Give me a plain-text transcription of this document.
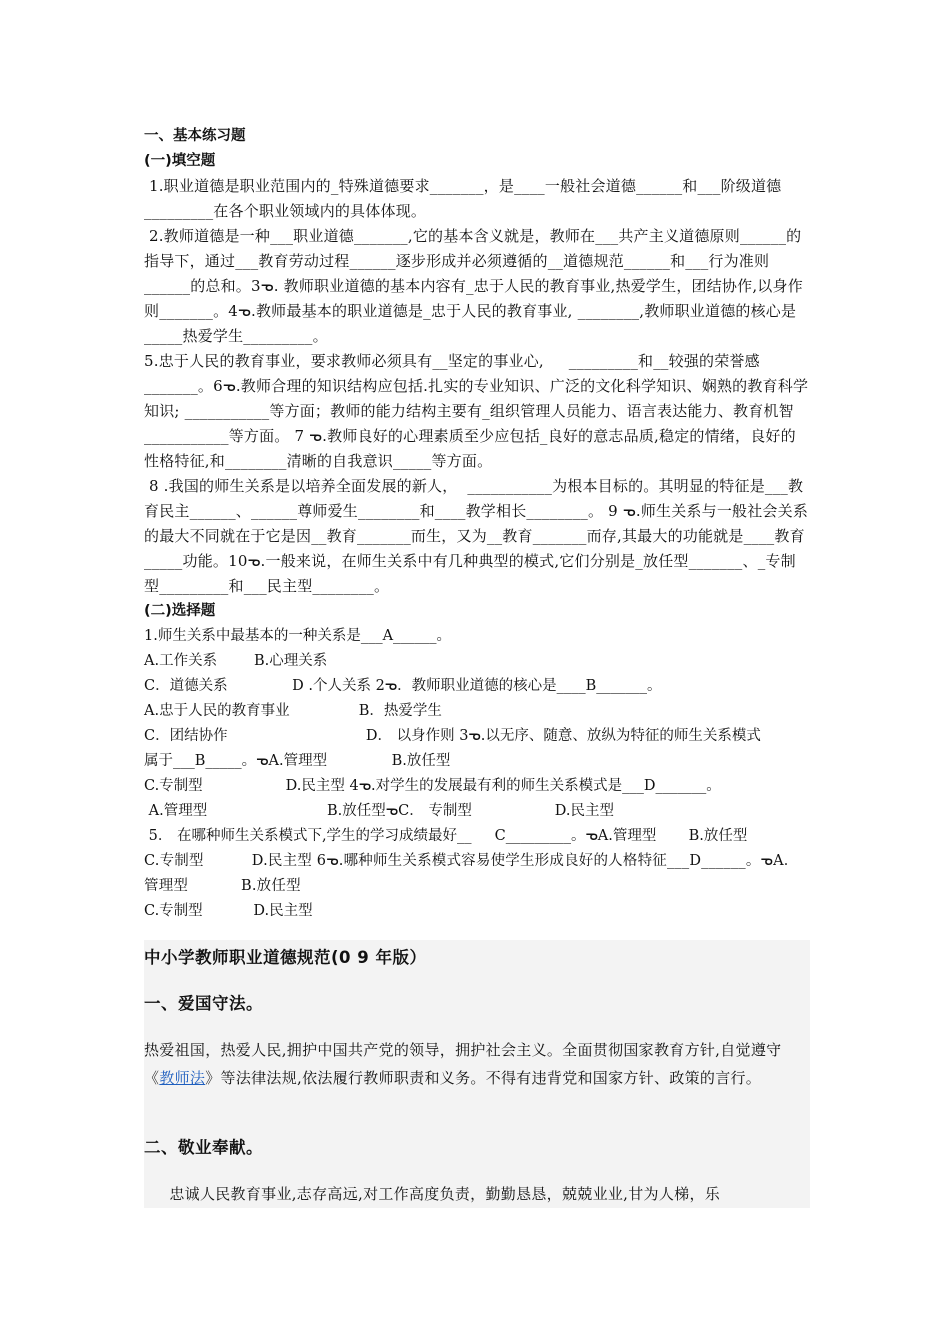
一、基本练习题
(一)填空题

1.职业道德是职业范围内的_特殊道德要求_______，是____一般社会道德______和___阶级道德_________在各个职业领域内的具体体现。
2.教师道德是一种___职业道德_______,它的基本含义就是，教师在___共产主义道德原则______的指导下，通过___教育劳动过程______逐步形成并必须遵循的__道德规范______和___行为准则______的总和。3ᓀ. 教师职业道德的基本内容有_忠于人民的教育事业,热爱学生，团结协作,以身作则_______。4ᓀ.教师最基本的职业道德是_忠于人民的教育事业, ________,教师职业道德的核心是_____热爱学生_________。
5.忠于人民的教育事业，要求教师必须具有__坚定的事业心,     _________和__较强的荣誉感_______。6ᓀ.教师合理的知识结构应包括.扎实的专业知识、广泛的文化科学知识、娴熟的教育科学知识; ___________等方面；教师的能力结构主要有_组织管理人员能力、语言表达能力、教育机智___________等方面。 7 ᓀ.教师良好的心理素质至少应包括_良好的意志品质,稳定的情绪，良好的性格特征,和________清晰的自我意识_____等方面。
8 .我国的师生关系是以培养全面发展的新人，  ___________为根本目标的。其明显的特征是___教育民主______、______尊师爱生________和____教学相长________。 9 ᓀ.师生关系与一般社会关系的最大不同就在于它是因__教育_______而生，又为__教育_______而存,其最大的功能就是____教育_____功能。10ᓀ.一般来说，在师生关系中有几种典型的模式,它们分别是_放任型_______、_专制型_________和___民主型________。

(二)选择题

1.师生关系中最基本的一种关系是___A______。

A.工作关系        B.心理关系

C．道德关系              D .个人关系 2ᓀ．教师职业道德的核心是____B_______。

A.忠于人民的教育事业               B．热爱学生

C．团结协作                              D． 以身作则 3ᓀ.以无序、随意、放纵为特征的师生关系模式

属于___B_____。ᓀA.管理型              B.放任型

C.专制型                  D.民主型 4ᓀ.对学生的发展最有利的师生关系模式是___D_______。

A.管理型                          B.放任型ᓀC． 专制型                  D.民主型

5． 在哪种师生关系模式下,学生的学习成绩最好__     C_________。ᓀA.管理型       B.放任型

C.专制型          D.民主型 6ᓀ.哪种师生关系模式容易使学生形成良好的人格特征___D______。ᓀA．管理型           B.放任型

C.专制型           D.民主型

中小学教师职业道德规范(0 9 年版）
一、爱国守法。

热爱祖国，热爱人民,拥护中国共产党的领导，拥护社会主义。全面贯彻国家教育方针,自觉遵守《教师法》等法律法规,依法履行教师职责和义务。不得有违背党和国家方针、政策的言行。

二、敬业奉献。

忠诚人民教育事业,志存高远,对工作高度负责，勤勤恳恳，兢兢业业,甘为人梯，乐
